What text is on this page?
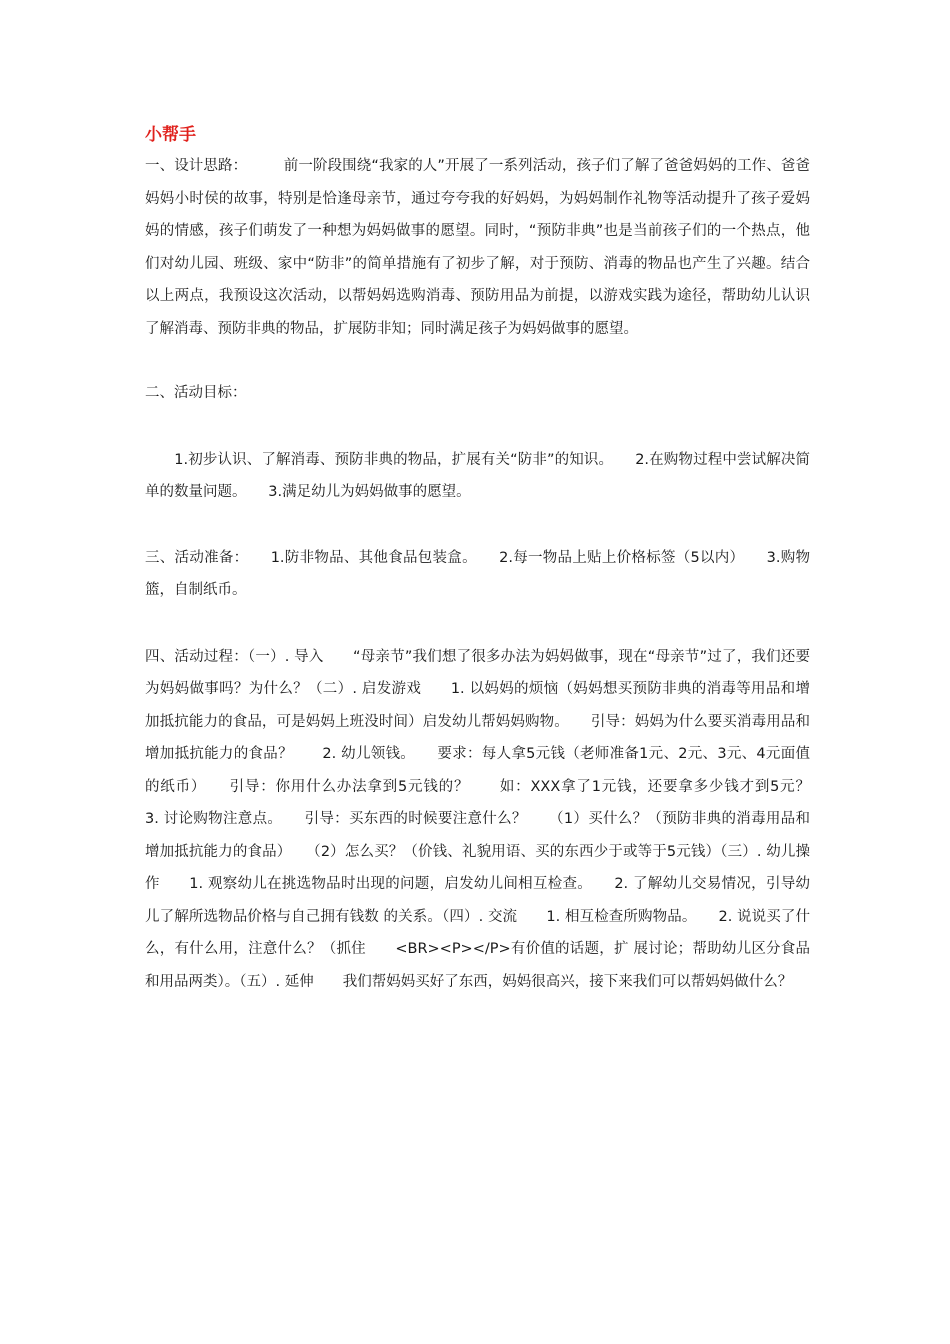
小帮手

一、设计思路：　　　前一阶段围绕“我家的人”开展了一系列活动，孩子们了解了爸爸妈妈的工作、爸爸妈妈小时侯的故事，特别是恰逢母亲节，通过夸夸我的好妈妈，为妈妈制作礼物等活动提升了孩子爱妈妈的情感，孩子们萌发了一种想为妈妈做事的愿望。同时，“预防非典”也是当前孩子们的一个热点，他们对幼儿园、班级、家中“防非”的简单措施有了初步了解，对于预防、消毒的物品也产生了兴趣。结合以上两点，我预设这次活动，以帮妈妈选购消毒、预防用品为前提，以游戏实践为途径，帮助幼儿认识了解消毒、预防非典的物品，扩展防非知；同时满足孩子为妈妈做事的愿望。

二、活动目标：

　　1.初步认识、了解消毒、预防非典的物品，扩展有关“防非”的知识。　　2.在购物过程中尝试解决简单的数量问题。　　3.满足幼儿为妈妈做事的愿望。

三、活动准备：　　1.防非物品、其他食品包装盒。　　2.每一物品上贴上价格标签（5以内）　　3.购物篮，自制纸币。

四、活动过程：（一）. 导入　　“母亲节”我们想了很多办法为妈妈做事，现在“母亲节”过了，我们还要为妈妈做事吗？为什么？（二）. 启发游戏　　1. 以妈妈的烦恼（妈妈想买预防非典的消毒等用品和增加抵抗能力的食品，可是妈妈上班没时间）启发幼儿帮妈妈购物。　　引导：妈妈为什么要买消毒用品和增加抵抗能力的食品？　　2. 幼儿领钱。　　要求：每人拿5元钱（老师准备1元、2元、3元、4元面值的纸币）　　引导：你用什么办法拿到5元钱的？　　如：XXX拿了1元钱，还要拿多少钱才到5元？　　3. 讨论购物注意点。　　引导：买东西的时候要注意什么？　　（1）买什么？（预防非典的消毒用品和增加抵抗能力的食品）　　（2）怎么买？（价钱、礼貌用语、买的东西少于或等于5元钱）（三）. 幼儿操作　　1. 观察幼儿在挑选物品时出现的问题，启发幼儿间相互检查。　　2. 了解幼儿交易情况，引导幼儿了解所选物品价格与自己拥有钱数 的关系。（四）. 交流　　1. 相互检查所购物品。　　2. 说说买了什么，有什么用，注意什么？（抓住　　<BR><P></P>有价值的话题，扩 展讨论；帮助幼儿区分食品和用品两类）。（五）. 延伸　　我们帮妈妈买好了东西，妈妈很高兴，接下来我们可以帮妈妈做什么？
